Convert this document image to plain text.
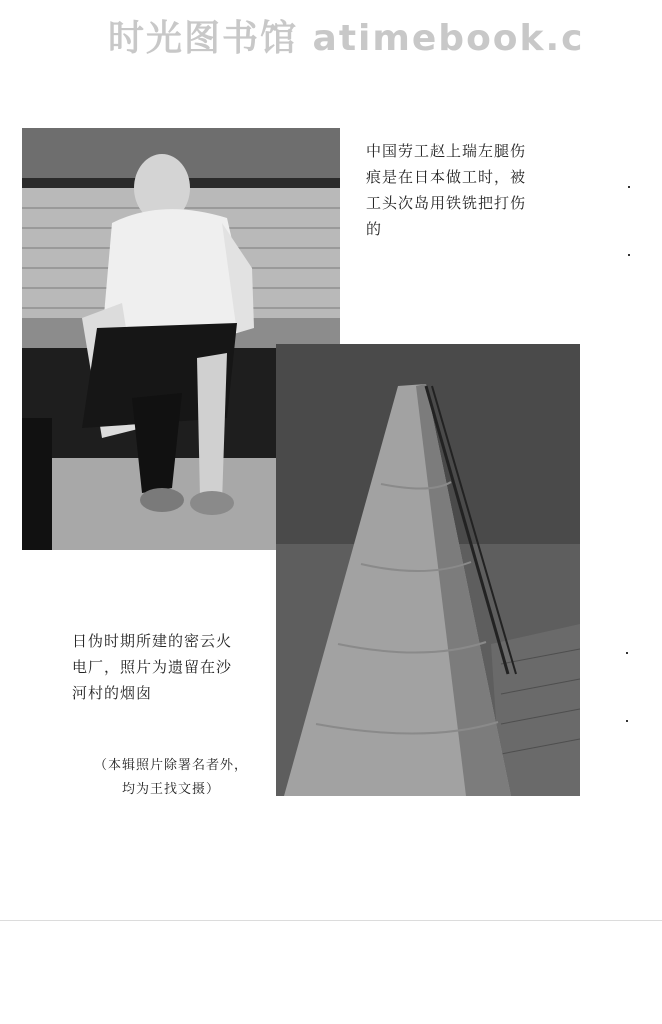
时光图书馆 atimebook.c
中国劳工赵上瑞左腿伤
痕是在日本做工时，被
工头次岛用铁铣把打伤
的
日伪时期所建的密云火
电厂，照片为遗留在沙
河村的烟囱
（本辑照片除署名者外，
均为王找文摄）
